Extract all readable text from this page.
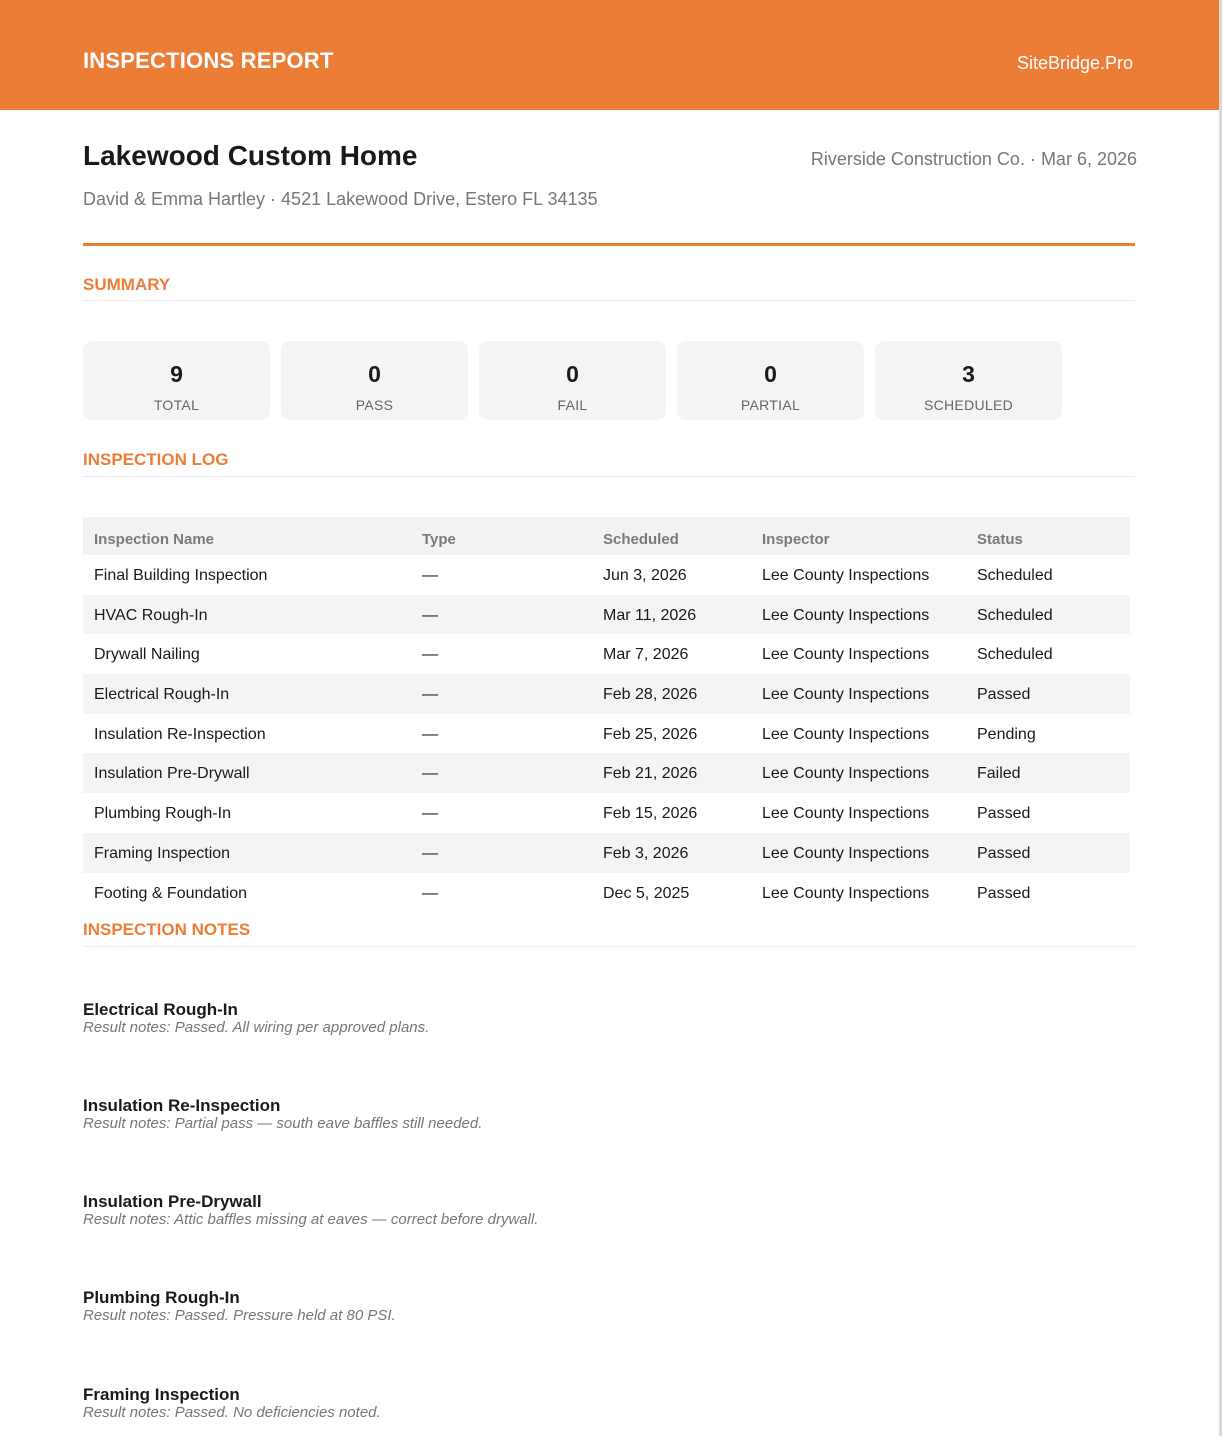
INSPECTIONS REPORT	SiteBridge.Pro
Lakewood Custom Home	Riverside Construction Co. · Mar 6, 2026
David & Emma Hartley · 4521 Lakewood Drive, Estero FL 34135
SUMMARY
9
TOTAL
0
PASS
0
FAIL
0
PARTIAL
3
SCHEDULED
INSPECTION LOG
Inspection Name	Type	Scheduled	Inspector	Status
Final Building Inspection	—	Jun 3, 2026	Lee County Inspections	Scheduled
HVAC Rough-In	—	Mar 11, 2026	Lee County Inspections	Scheduled
Drywall Nailing	—	Mar 7, 2026	Lee County Inspections	Scheduled
Electrical Rough-In	—	Feb 28, 2026	Lee County Inspections	Passed
Insulation Re-Inspection	—	Feb 25, 2026	Lee County Inspections	Pending
Insulation Pre-Drywall	—	Feb 21, 2026	Lee County Inspections	Failed
Plumbing Rough-In	—	Feb 15, 2026	Lee County Inspections	Passed
Framing Inspection	—	Feb 3, 2026	Lee County Inspections	Passed
Footing & Foundation	—	Dec 5, 2025	Lee County Inspections	Passed
INSPECTION NOTES
Electrical Rough-In
Result notes: Passed. All wiring per approved plans.
Insulation Re-Inspection
Result notes: Partial pass — south eave baffles still needed.
Insulation Pre-Drywall
Result notes: Attic baffles missing at eaves — correct before drywall.
Plumbing Rough-In
Result notes: Passed. Pressure held at 80 PSI.
Framing Inspection
Result notes: Passed. No deficiencies noted.
